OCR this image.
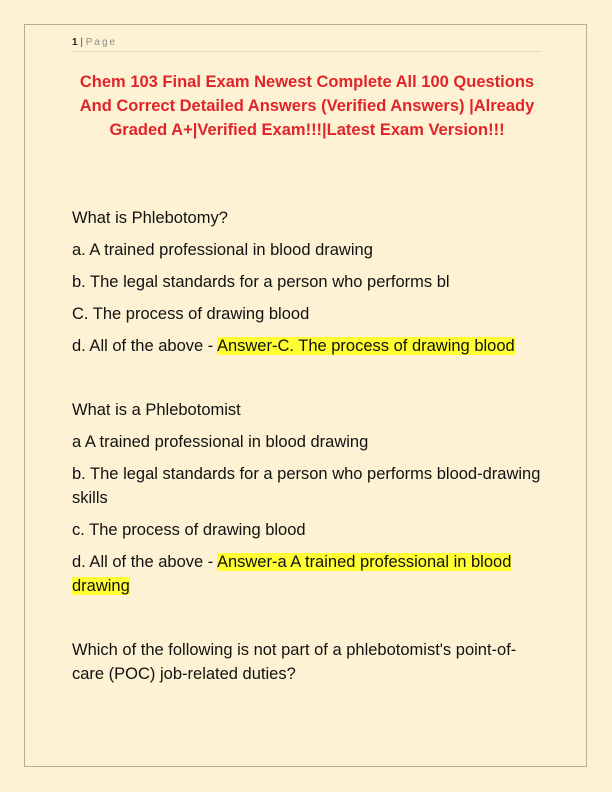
1 | Page
Chem 103 Final Exam Newest Complete All 100 Questions And Correct Detailed Answers (Verified Answers) |Already Graded A+|Verified Exam!!!|Latest Exam Version!!!

What is Phlebotomy?

a. A trained professional in blood drawing

b. The legal standards for a person who performs bl

C. The process of drawing blood

d. All of the above - Answer-C. The process of drawing blood

What is a Phlebotomist

a A trained professional in blood drawing

b. The legal standards for a person who performs blood-drawing skills

c. The process of drawing blood

d. All of the above - Answer-a A trained professional in blood drawing

Which of the following is not part of a phlebotomist's point-of-care (POC) job-related duties?
